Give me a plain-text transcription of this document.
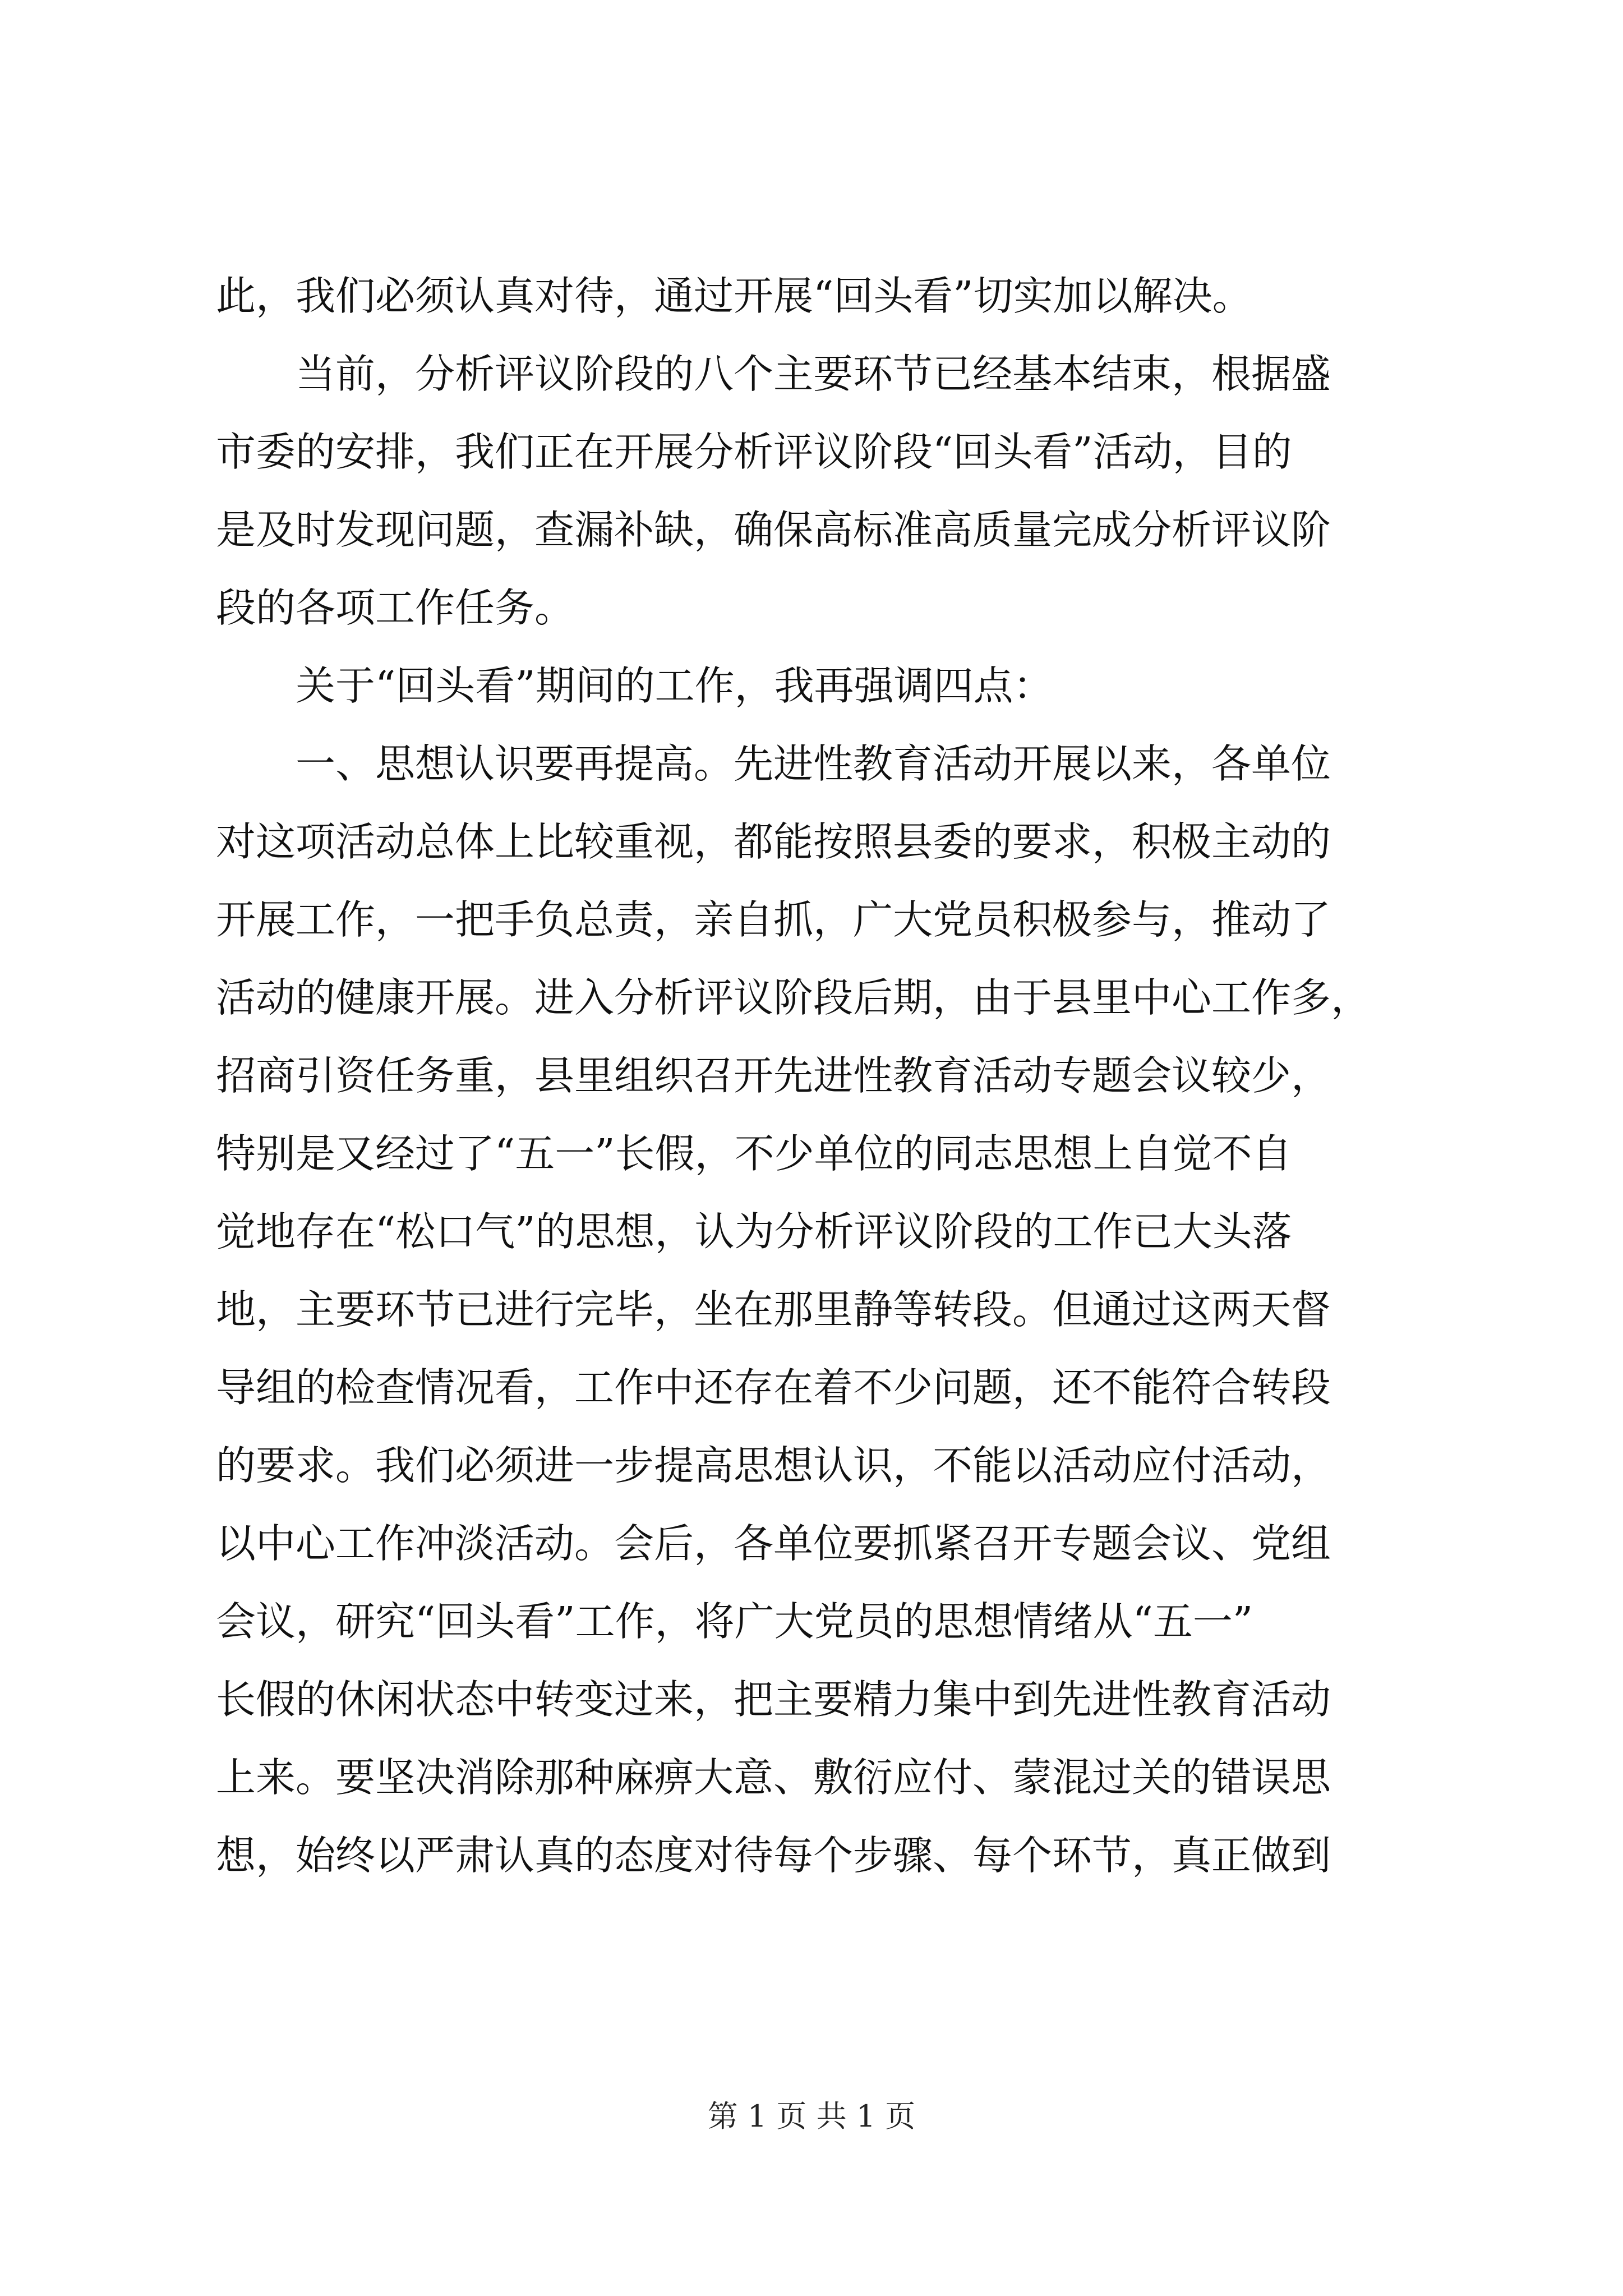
此，我们必须认真对待，通过开展“回头看”切实加以解决。
当前，分析评议阶段的八个主要环节已经基本结束，根据盛
市委的安排，我们正在开展分析评议阶段“回头看”活动，目的
是及时发现问题，查漏补缺，确保高标准高质量完成分析评议阶
段的各项工作任务。
关于“回头看”期间的工作，我再强调四点：
一、思想认识要再提高。先进性教育活动开展以来，各单位
对这项活动总体上比较重视，都能按照县委的要求，积极主动的
开展工作，一把手负总责，亲自抓，广大党员积极参与，推动了
活动的健康开展。进入分析评议阶段后期，由于县里中心工作多，
招商引资任务重，县里组织召开先进性教育活动专题会议较少，
特别是又经过了“五一”长假，不少单位的同志思想上自觉不自
觉地存在“松口气”的思想，认为分析评议阶段的工作已大头落
地，主要环节已进行完毕，坐在那里静等转段。但通过这两天督
导组的检查情况看，工作中还存在着不少问题，还不能符合转段
的要求。我们必须进一步提高思想认识，不能以活动应付活动，
以中心工作冲淡活动。会后，各单位要抓紧召开专题会议、党组
会议，研究“回头看”工作，将广大党员的思想情绪从“五一”
长假的休闲状态中转变过来，把主要精力集中到先进性教育活动
上来。要坚决消除那种麻痹大意、敷衍应付、蒙混过关的错误思
想，始终以严肃认真的态度对待每个步骤、每个环节，真正做到
第 1 页 共 1 页
